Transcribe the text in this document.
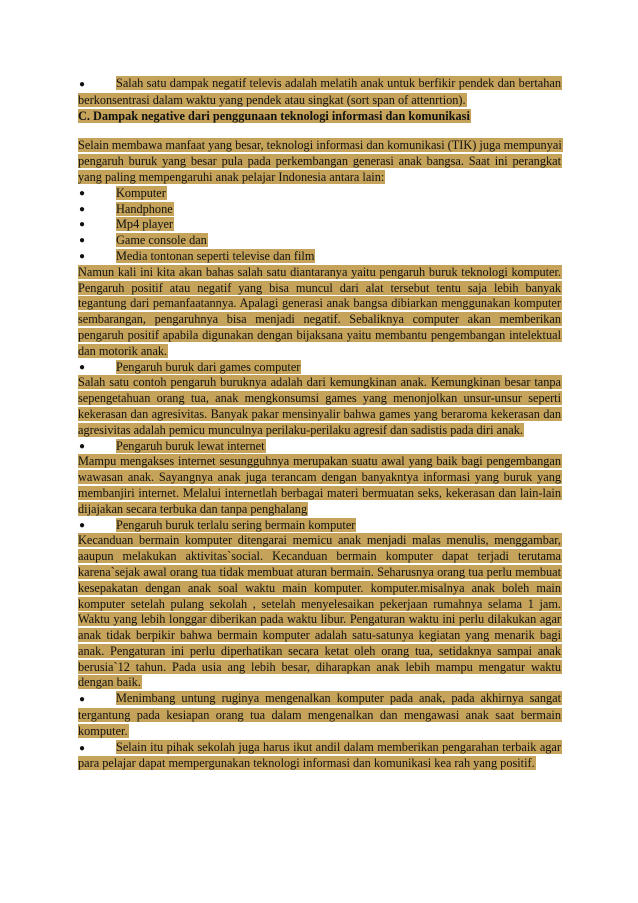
●	Salah satu dampak negatif televis adalah melatih anak untuk berfikir pendek dan bertahan berkonsentrasi dalam waktu yang pendek atau singkat (sort span of attenrtion).

C. Dampak negative dari penggunaan teknologi informasi dan komunikasi

Selain membawa manfaat yang besar, teknologi informasi dan komunikasi (TIK) juga mempunyai pengaruh buruk yang besar pula pada perkembangan generasi anak bangsa. Saat ini perangkat yang paling mempengaruhi anak pelajar Indonesia antara lain:

●	Komputer

●	Handphone

●	Mp4 player

●	Game console dan

●	Media tontonan seperti televise dan film

Namun kali ini kita akan bahas salah satu diantaranya yaitu pengaruh buruk teknologi komputer. Pengaruh positif atau negatif yang bisa muncul dari alat tersebut tentu saja lebih banyak tegantung dari pemanfaatannya. Apalagi generasi anak bangsa dibiarkan menggunakan komputer sembarangan, pengaruhnya bisa menjadi negatif. Sebaliknya computer akan memberikan pengaruh positif apabila digunakan dengan bijaksana yaitu membantu pengembangan intelektual dan motorik anak.

●	Pengaruh buruk dari games computer

Salah satu contoh pengaruh buruknya adalah dari kemungkinan anak. Kemungkinan besar tanpa sepengetahuan orang tua, anak mengkonsumsi games yang menonjolkan unsur-unsur seperti kekerasan dan agresivitas. Banyak pakar mensinyalir bahwa games yang beraroma kekerasan dan agresivitas adalah pemicu munculnya perilaku-perilaku agresif dan sadistis pada diri anak.

●	Pengaruh buruk lewat internet

Mampu mengakses internet sesungguhnya merupakan suatu awal yang baik bagi pengembangan wawasan anak. Sayangnya anak juga terancam dengan banyakntya informasi yang buruk yang membanjiri internet. Melalui internetlah berbagai materi bermuatan seks, kekerasan dan lain-lain dijajakan secara terbuka dan tanpa penghalang

●	Pengaruh buruk terlalu sering bermain komputer

Kecanduan bermain komputer ditengarai memicu anak menjadi malas menulis, menggambar, aaupun melakukan aktivitas`social. Kecanduan bermain komputer dapat terjadi terutama karena`sejak awal orang tua tidak membuat aturan bermain. Seharusnya orang tua perlu membuat kesepakatan dengan anak soal waktu main komputer. komputer.misalnya anak boleh main komputer setelah pulang sekolah , setelah menyelesaikan pekerjaan rumahnya selama 1 jam. Waktu yang lebih longgar diberikan pada waktu libur. Pengaturan waktu ini perlu dilakukan agar anak tidak berpikir bahwa bermain komputer adalah satu-satunya kegiatan yang menarik bagi anak. Pengaturan ini perlu diperhatikan secara ketat oleh orang tua, setidaknya sampai anak berusia`12 tahun. Pada usia ang lebih besar, diharapkan anak lebih mampu mengatur waktu dengan baik.

●	Menimbang untung ruginya mengenalkan komputer pada anak, pada akhirnya sangat tergantung pada kesiapan orang tua dalam mengenalkan dan mengawasi anak saat bermain komputer.

●	Selain itu pihak sekolah juga harus ikut andil dalam memberikan pengarahan terbaik agar para pelajar dapat mempergunakan teknologi informasi dan komunikasi kea rah yang positif.
